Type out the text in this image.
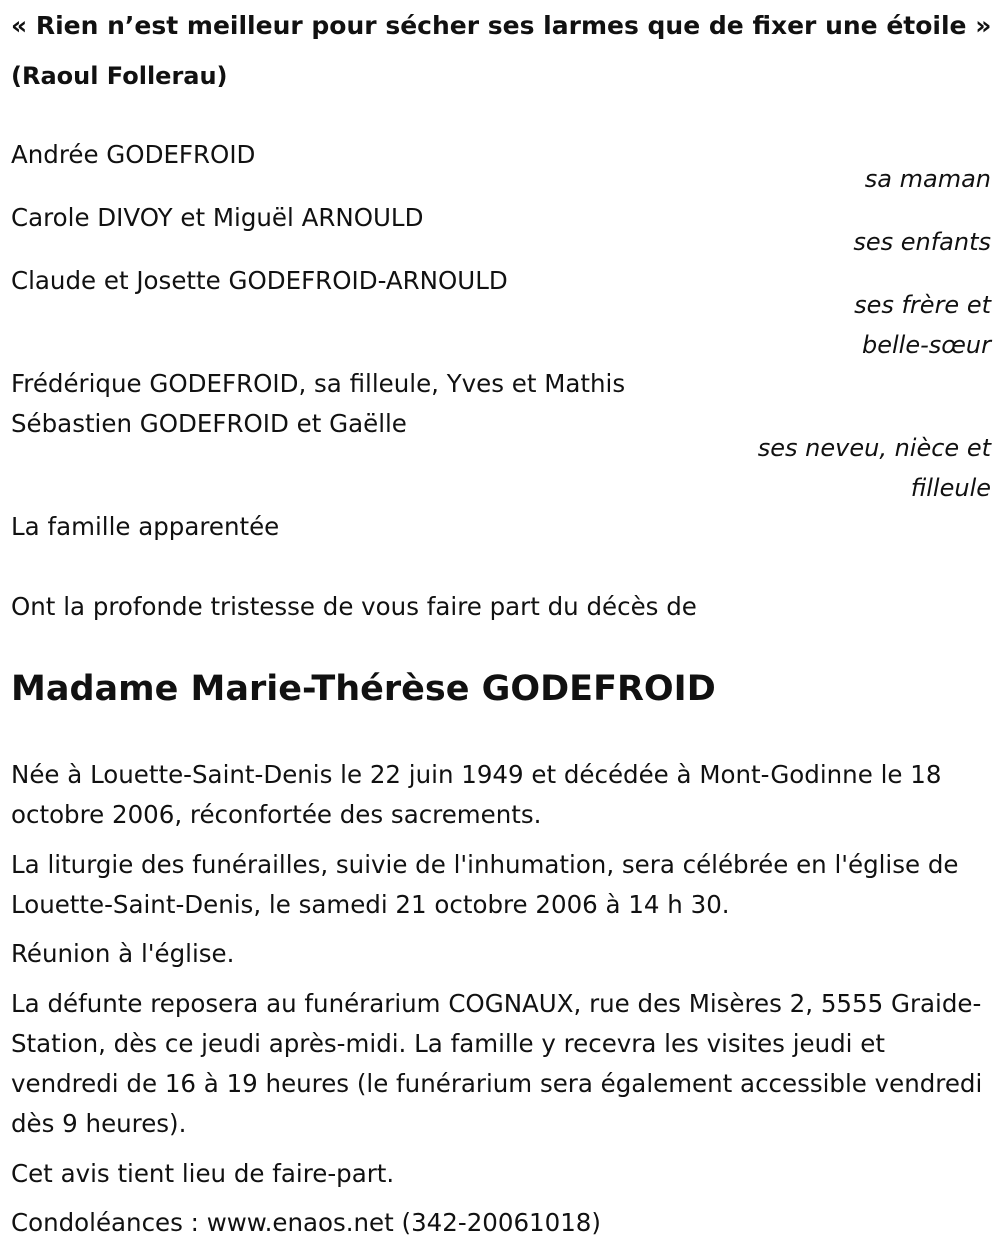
« Rien n’est meilleur pour sécher ses larmes que de fixer une étoile »
(Raoul Follerau)
Andrée GODEFROID
sa maman
Carole DIVOY et Miguël ARNOULD
ses enfants
Claude et Josette GODEFROID-ARNOULD
ses frère et
belle-sœur
Frédérique GODEFROID, sa filleule, Yves et Mathis
Sébastien GODEFROID et Gaëlle
ses neveu, nièce et
filleule
La famille apparentée
Ont la profonde tristesse de vous faire part du décès de
Madame Marie-Thérèse GODEFROID
Née à Louette-Saint-Denis le 22 juin 1949 et décédée à Mont-Godinne le 18 octobre 2006, réconfortée des sacrements.
La liturgie des funérailles, suivie de l'inhumation, sera célébrée en l'église de Louette-Saint-Denis, le samedi 21 octobre 2006 à 14 h 30.
Réunion à l'église.
La défunte reposera au funérarium COGNAUX, rue des Misères 2, 5555 Graide-Station, dès ce jeudi après-midi. La famille y recevra les visites jeudi et vendredi de 16 à 19 heures (le funérarium sera également accessible vendredi dès 9 heures).
Cet avis tient lieu de faire-part.
Condoléances : www.enaos.net (342-20061018)
